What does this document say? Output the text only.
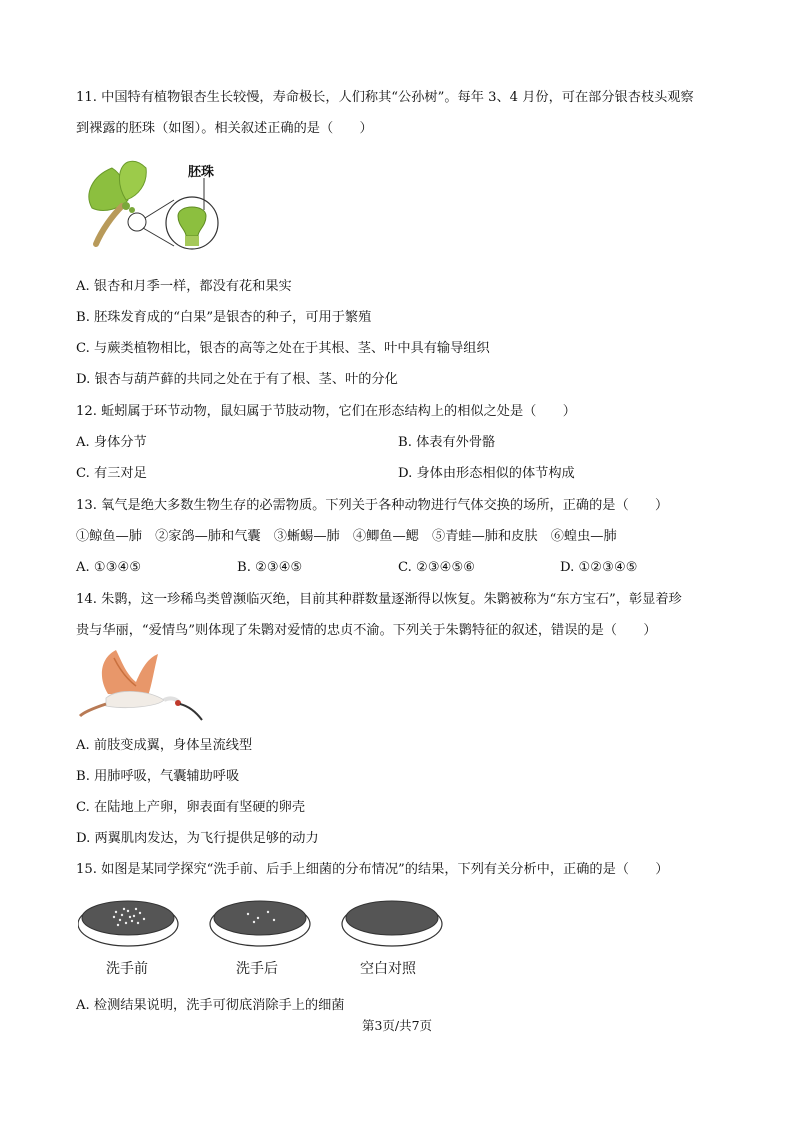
11. 中国特有植物银杏生长较慢，寿命极长，人们称其“公孙树”。每年 3、4 月份，可在部分银杏枝头观察
到裸露的胚珠（如图）。相关叙述正确的是（　　）
胚珠
A. 银杏和月季一样，都没有花和果实
B. 胚珠发育成的“白果”是银杏的种子，可用于繁殖
C. 与蕨类植物相比，银杏的高等之处在于其根、茎、叶中具有输导组织
D. 银杏与葫芦藓的共同之处在于有了根、茎、叶的分化
12. 蚯蚓属于环节动物，鼠妇属于节肢动物，它们在形态结构上的相似之处是（　　）
A. 身体分节	B. 体表有外骨骼
C. 有三对足	D. 身体由形态相似的体节构成
13. 氧气是绝大多数生物生存的必需物质。下列关于各种动物进行气体交换的场所，正确的是（　　）
①鲸鱼—肺　②家鸽—肺和气囊　③蜥蜴—肺　④鲫鱼—鳃　⑤青蛙—肺和皮肤　⑥蝗虫—肺
A. ①③④⑤	B. ②③④⑤	C. ②③④⑤⑥	D. ①②③④⑤
14. 朱鹮，这一珍稀鸟类曾濒临灭绝，目前其种群数量逐渐得以恢复。朱鹮被称为“东方宝石”，彰显着珍
贵与华丽，“爱情鸟”则体现了朱鹮对爱情的忠贞不渝。下列关于朱鹮特征的叙述，错误的是（　　）
A. 前肢变成翼，身体呈流线型
B. 用肺呼吸，气囊辅助呼吸
C. 在陆地上产卵，卵表面有坚硬的卵壳
D. 两翼肌肉发达，为飞行提供足够的动力
15. 如图是某同学探究“洗手前、后手上细菌的分布情况”的结果，下列有关分析中，正确的是（　　）
洗手前	洗手后	空白对照
A. 检测结果说明，洗手可彻底消除手上的细菌
第3页/共7页
